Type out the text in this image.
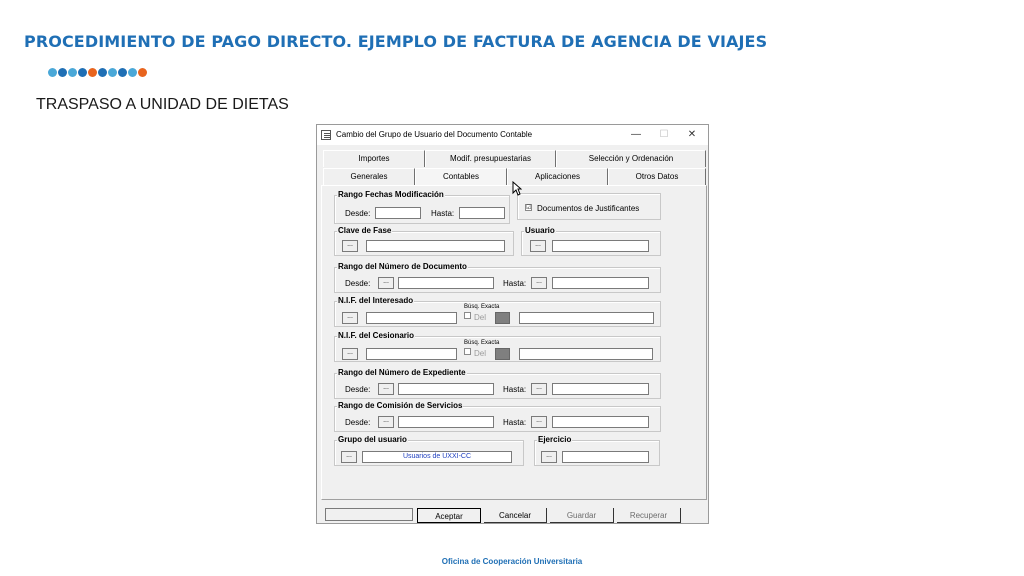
PROCEDIMIENTO DE PAGO DIRECTO. EJEMPLO DE FACTURA DE AGENCIA DE VIAJES
TRASPASO A UNIDAD DE DIETAS
Cambio del Grupo de Usuario del Documento Contable	— ☐ ✕
Importes	Modif. presupuestarias	Selección y Ordenación
Generales	Contables	Aplicaciones	Otros Datos
Rango Fechas Modificación
Desde:	Hasta:
☑ Documentos de Justificantes
Clave de Fase
...
Usuario
...
Rango del Número de Documento
Desde:	...	Hasta:	...
N.I.F. del Interesado
...
Búsq. Exacta
Del
N.I.F. del Cesionario
...
Búsq. Exacta
Del
Rango del Número de Expediente
Desde:	...	Hasta:	...
Rango de Comisión de Servicios
Desde:	...	Hasta:	...
Grupo del usuario
...	Usuarios de UXXI-CC
Ejercicio
...
Aceptar	Cancelar	Guardar	Recuperar
Oficina de Cooperación Universitaria
